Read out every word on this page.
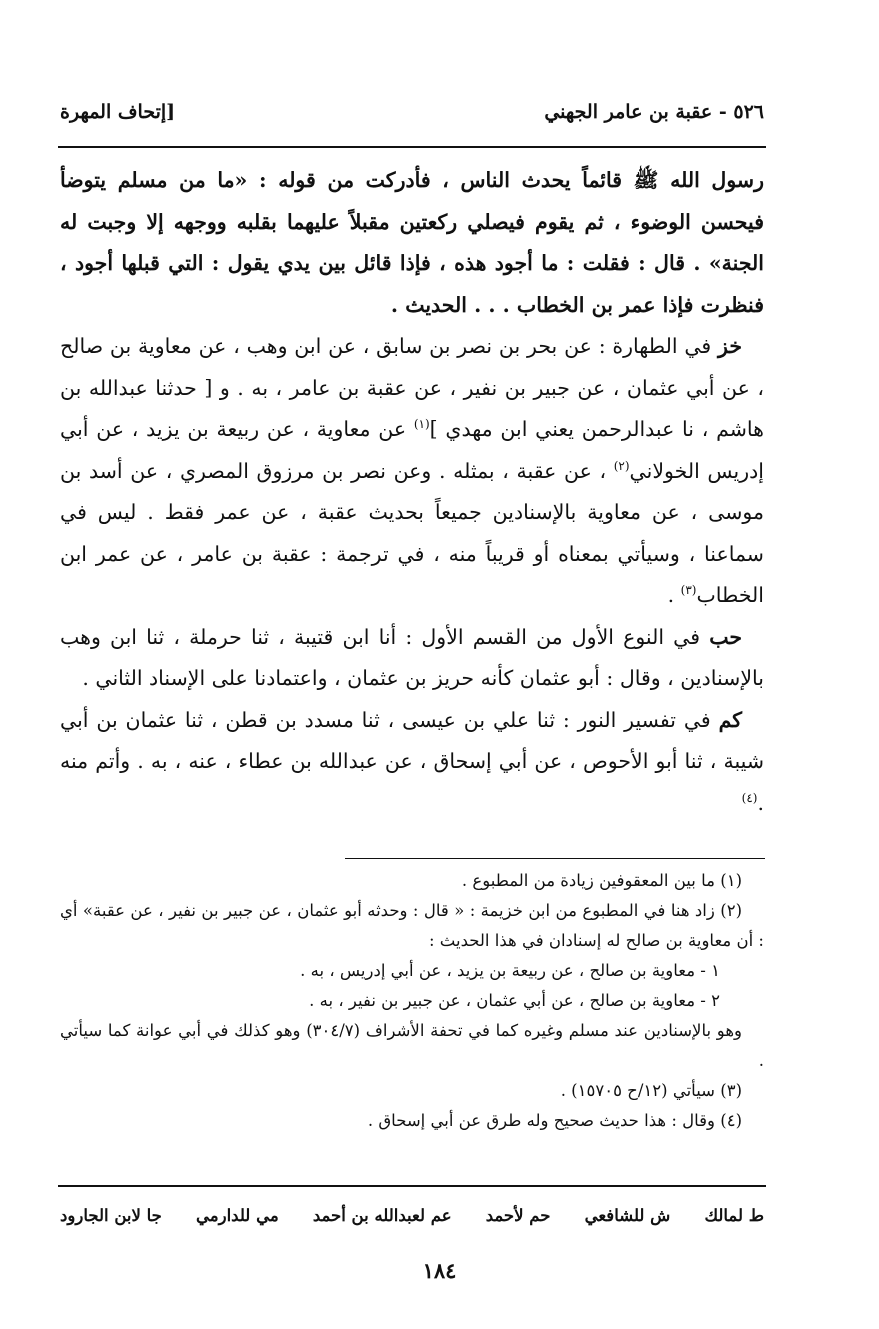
٥٢٦ - عقبة بن عامر الجهني
[إتحاف المهرة

رسول الله ﷺ قائماً يحدث الناس ، فأدركت من قوله : «ما من مسلم يتوضأ فيحسن الوضوء ، ثم يقوم فيصلي ركعتين مقبلاً عليهما بقلبه ووجهه إلا وجبت له الجنة» . قال : فقلت : ما أجود هذه ، فإذا قائل بين يدي يقول : التي قبلها أجود ، فنظرت فإذا عمر بن الخطاب . . . الحديث .

خز في الطهارة : عن بحر بن نصر بن سابق ، عن ابن وهب ، عن معاوية بن صالح ، عن أبي عثمان ، عن جبير بن نفير ، عن عقبة بن عامر ، به . و [ حدثنا عبدالله بن هاشم ، نا عبدالرحمن يعني ابن مهدي ]$^{(١)}$ عن معاوية ، عن ربيعة بن يزيد ، عن أبي إدريس الخولاني$^{(٢)}$ ، عن عقبة ، بمثله . وعن نصر بن مرزوق المصري ، عن أسد بن موسى ، عن معاوية بالإسنادين جميعاً بحديث عقبة ، عن عمر فقط . ليس في سماعنا ، وسيأتي بمعناه أو قريباً منه ، في ترجمة : عقبة بن عامر ، عن عمر ابن الخطاب$^{(٣)}$ .

حب في النوع الأول من القسم الأول : أنا ابن قتيبة ، ثنا حرملة ، ثنا ابن وهب بالإسنادين ، وقال : أبو عثمان كأنه حريز بن عثمان ، واعتمادنا على الإسناد الثاني .

كم في تفسير النور : ثنا علي بن عيسى ، ثنا مسدد بن قطن ، ثنا عثمان بن أبي شيبة ، ثنا أبو الأحوص ، عن أبي إسحاق ، عن عبدالله بن عطاء ، عنه ، به . وأتم منه .$^{(٤)}$

(١) ما بين المعقوفين زيادة من المطبوع .

(٢) زاد هنا في المطبوع من ابن خزيمة : « قال : وحدثه أبو عثمان ، عن جبير بن نفير ، عن عقبة» أي : أن معاوية بن صالح له إسنادان في هذا الحديث :

١ - معاوية بن صالح ، عن ربيعة بن يزيد ، عن أبي إدريس ، به .

٢ - معاوية بن صالح ، عن أبي عثمان ، عن جبير بن نفير ، به .

وهو بالإسنادين عند مسلم وغيره كما في تحفة الأشراف (٣٠٤/٧) وهو كذلك في أبي عوانة كما سيأتي .

(٣) سيأتي (١٢/ح ١٥٧٠٥) .

(٤) وقال : هذا حديث صحيح وله طرق عن أبي إسحاق .

ط لمالك
ش للشافعي
حم لأحمد
عم لعبدالله بن أحمد
مي للدارمي
جا لابن الجارود
١٨٤
